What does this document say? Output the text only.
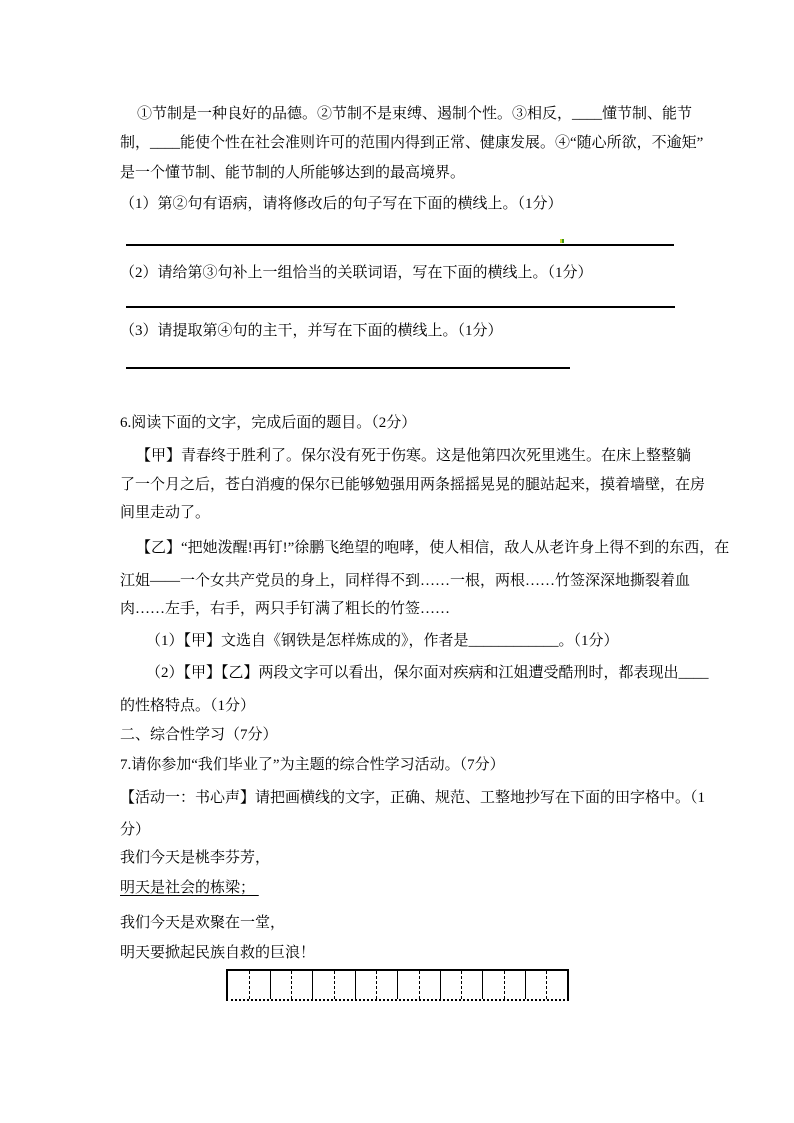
①节制是一种良好的品德。②节制不是束缚、遏制个性。③相反，____懂节制、能节
制，____能使个性在社会准则许可的范围内得到正常、健康发展。④“随心所欲，不逾矩”
是一个懂节制、能节制的人所能够达到的最高境界。
（1）第②句有语病，请将修改后的句子写在下面的横线上。（1分）
（2）请给第③句补上一组恰当的关联词语，写在下面的横线上。（1分）
（3）请提取第④句的主干，并写在下面的横线上。（1分）
6.阅读下面的文字，完成后面的题目。（2分）
【甲】青春终于胜利了。保尔没有死于伤寒。这是他第四次死里逃生。在床上整整躺
了一个月之后，苍白消瘦的保尔已能够勉强用两条摇摇晃晃的腿站起来，摸着墙壁，在房
间里走动了。
【乙】“把她泼醒!再钉!”徐鹏飞绝望的咆哮，使人相信，敌人从老许身上得不到的东西，在
江姐——一个女共产党员的身上，同样得不到……一根，两根……竹签深深地撕裂着血
肉……左手，右手，两只手钉满了粗长的竹签……
（1）【甲】文选自《钢铁是怎样炼成的》，作者是____________。（1分）
（2）【甲】【乙】两段文字可以看出，保尔面对疾病和江姐遭受酷刑时，都表现出____
的性格特点。（1分）
二、综合性学习（7分）
7.请你参加“我们毕业了”为主题的综合性学习活动。（7分）
【活动一：书心声】请把画横线的文字，正确、规范、工整地抄写在下面的田字格中。（1
分）
我们今天是桃李芬芳，
明天是社会的栋梁；
我们今天是欢聚在一堂，
明天要掀起民族自救的巨浪！
